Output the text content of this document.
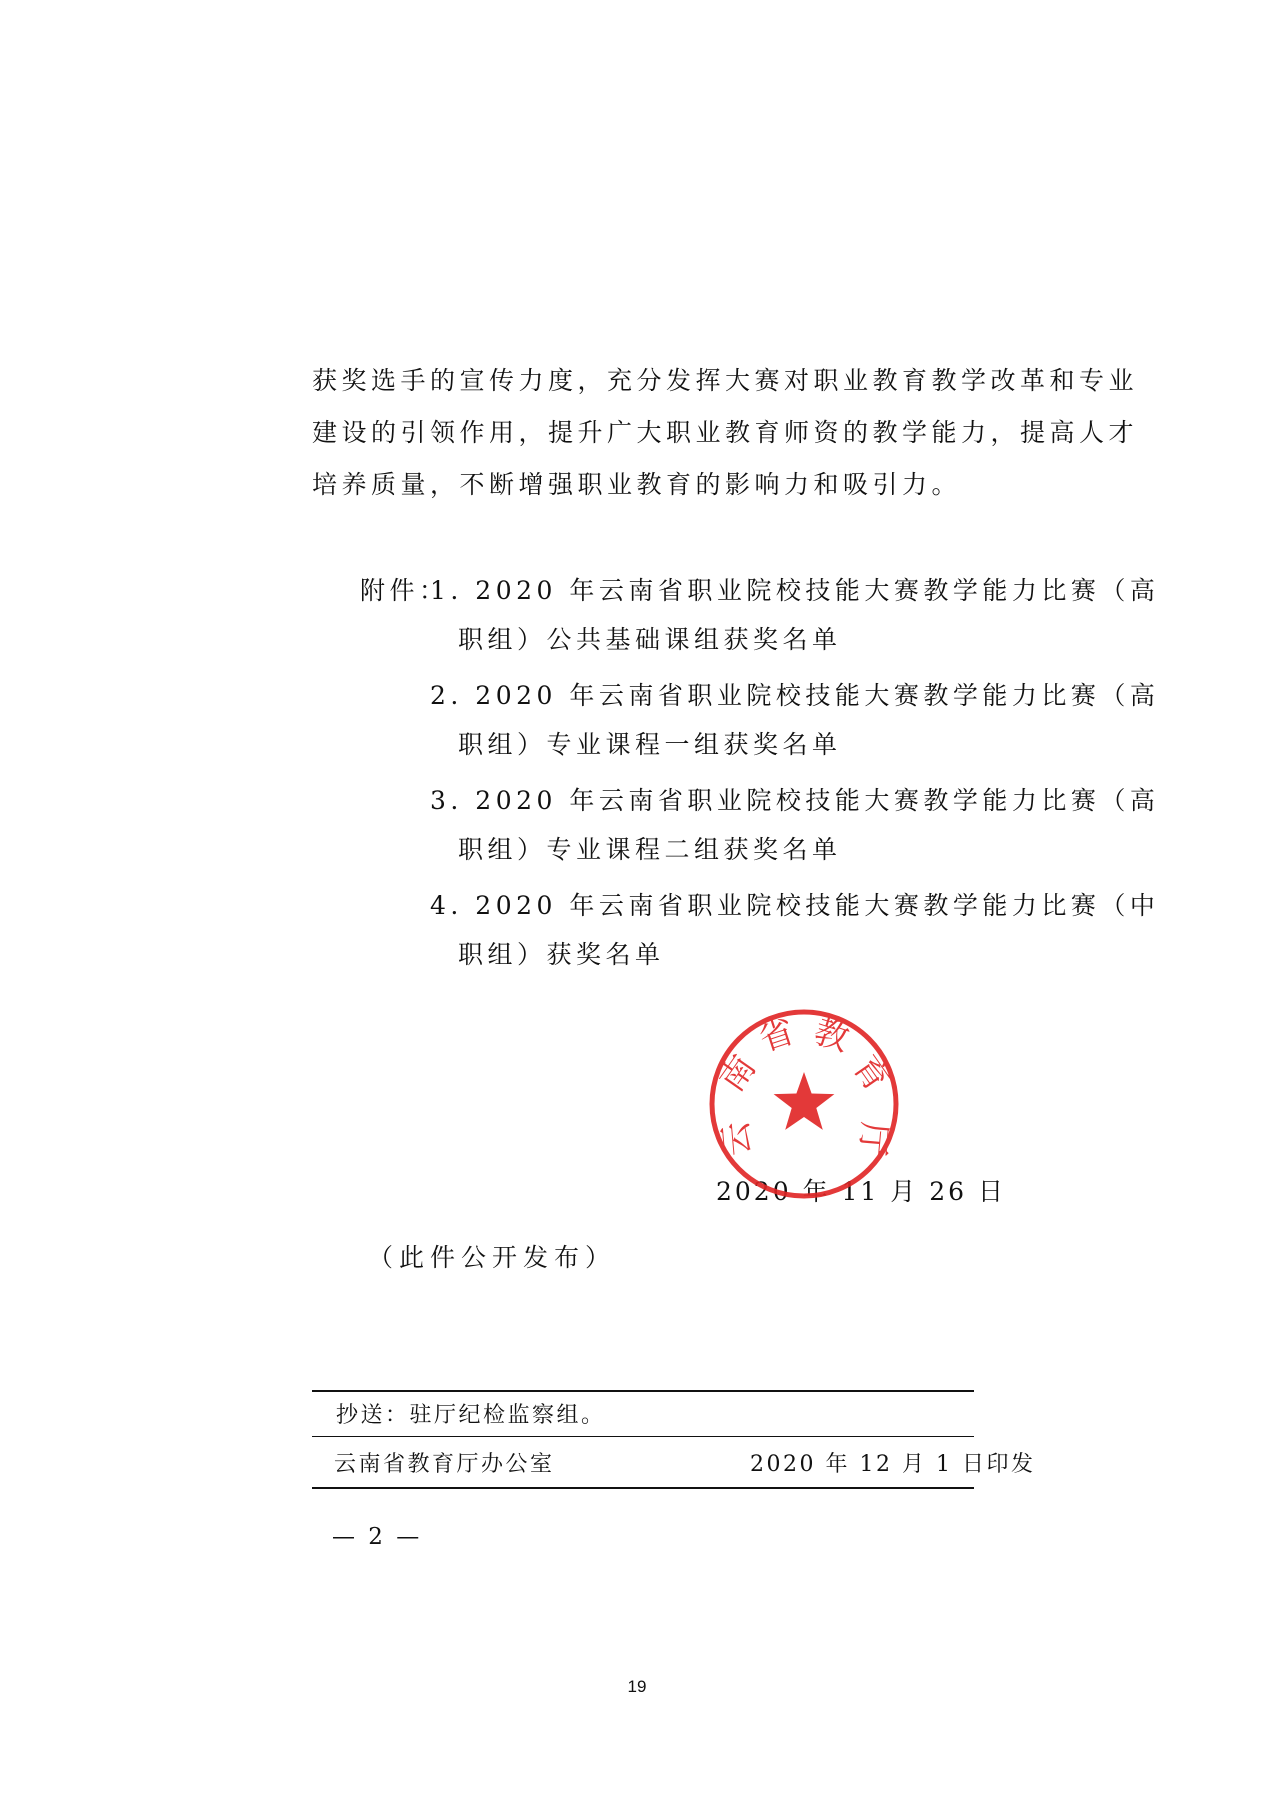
获奖选手的宣传力度，充分发挥大赛对职业教育教学改革和专业
建设的引领作用，提升广大职业教育师资的教学能力，提高人才
培养质量，不断增强职业教育的影响力和吸引力。
附件：
1. 2020 年云南省职业院校技能大赛教学能力比赛（高
职组）公共基础课组获奖名单
2. 2020 年云南省职业院校技能大赛教学能力比赛（高
职组）专业课程一组获奖名单
3. 2020 年云南省职业院校技能大赛教学能力比赛（高
职组）专业课程二组获奖名单
4. 2020 年云南省职业院校技能大赛教学能力比赛（中
职组）获奖名单
2020 年 11 月 26 日
云
南
省 教
育
厅
（此件公开发布）
抄送：驻厅纪检监察组。
云南省教育厅办公室	2020 年 12 月 1 日印发
— 2 —
19
